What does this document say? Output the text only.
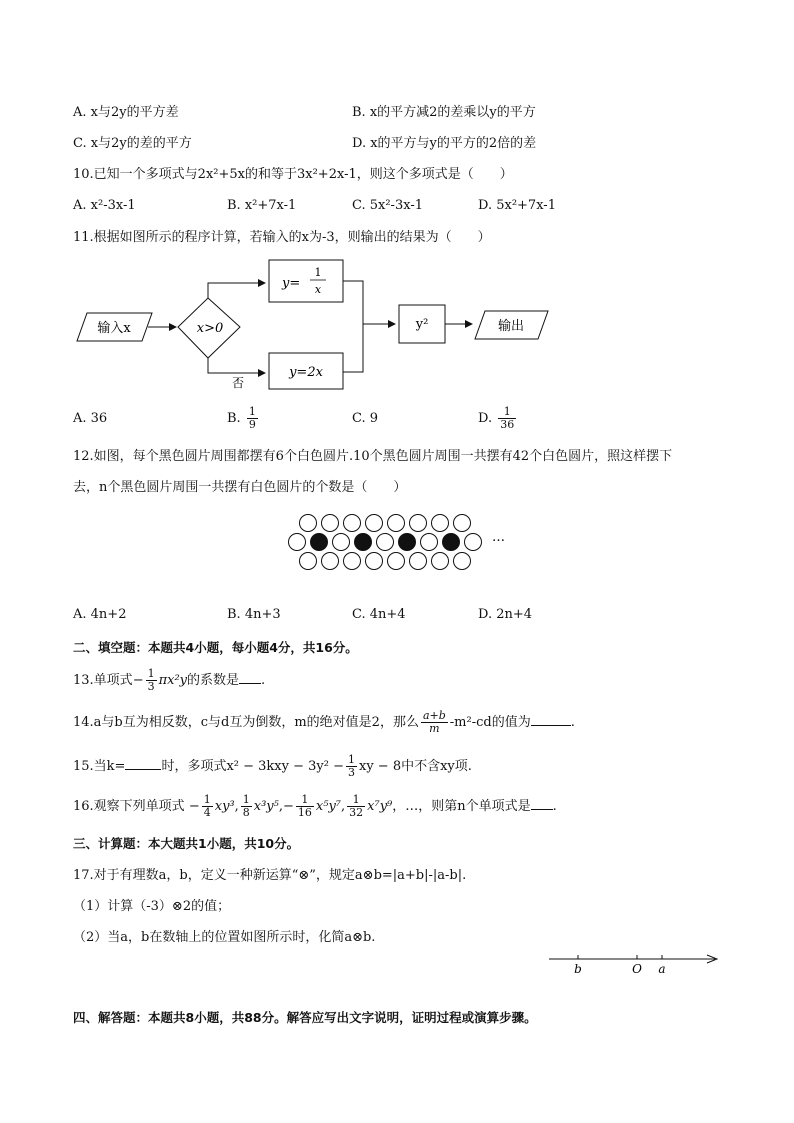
A. x与2y的平方差	B. x的平方减2的差乘以y的平方
C. x与2y的差的平方	D. x的平方与y的平方的2倍的差
10.已知一个多项式与2x²+5x的和等于3x²+2x-1，则这个多项式是（　　）
A. x²-3x-1	B. x²+7x-1	C. 5x²-3x-1	D. 5x²+7x-1
11.根据如图所示的程序计算，若输入的x为-3，则输出的结果为（　　）
输入x	x>0
y=
1
x
否
y=2x
y²	输出
A. 36	B. $\frac{1}{9}$	C. 9	D. $\frac{1}{36}$
12.如图，每个黑色圆片周围都摆有6个白色圆片.10个黑色圆片周围一共摆有42个白色圆片，照这样摆下
去，n个黑色圆片周围一共摆有白色圆片的个数是（　　）
…
A. 4n+2	B. 4n+3	C. 4n+4	D. 2n+4
二、填空题：本题共4小题，每小题4分，共16分。
13.单项式− $\frac{1}{3} \pi x^2y$的系数是 .
14.a与b互为相反数，c与d互为倒数，m的绝对值是2，那么 $\frac{a+b}{m} -m^2-cd$的值为	.
15.当k=	时，多项式$x^2 - 3kxy - 3y^2 - \frac{1}{3}$ xy − 8中不含xy项.
16.观察下列单项式 − $\frac{1}{4} xy^3$, $\frac{1}{8} x^3y^5,- \frac{1}{16} x^5y^7$, $\frac{1}{32} x^7y^9$，…，则第n个单项式是 .
三、计算题：本大题共1小题，共10分。
17.对于有理数a，b，定义一种新运算“⊗”，规定a⊗b=|a+b|-|a-b|.
（1）计算（-3）⊗2的值；
（2）当a，b在数轴上的位置如图所示时，化简a⊗b.
b	O a
四、解答题：本题共8小题，共88分。解答应写出文字说明，证明过程或演算步骤。
